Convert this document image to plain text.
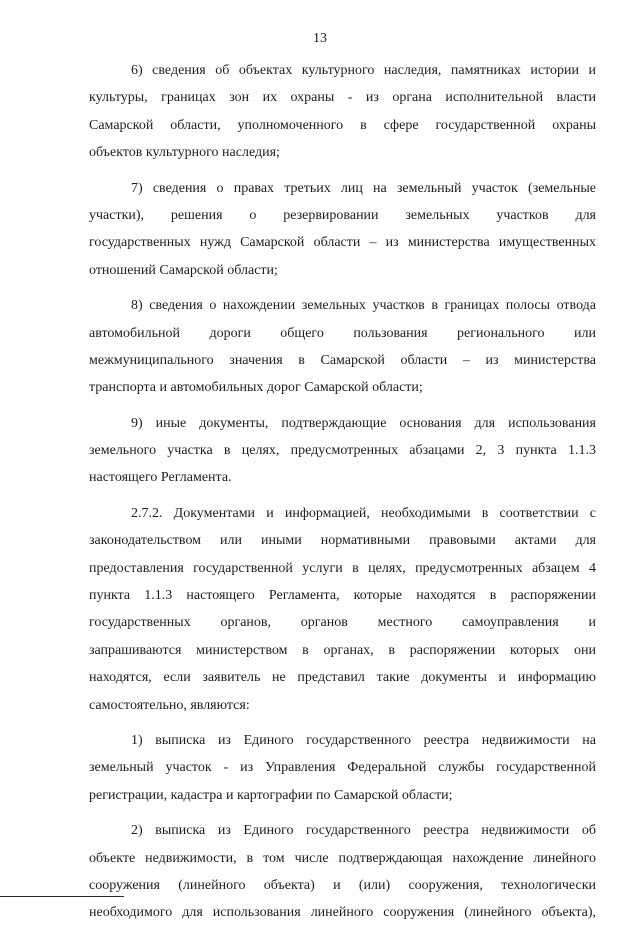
13
6) сведения об объектах культурного наследия, памятниках истории и
культуры, границах зон их охраны - из органа исполнительной власти
Самарской области, уполномоченного в сфере государственной охраны
объектов культурного наследия;
7) сведения о правах третьих лиц на земельный участок (земельные
участки), решения о резервировании земельных участков для
государственных нужд Самарской области – из министерства имущественных
отношений Самарской области;
8) сведения о нахождении земельных участков в границах полосы отвода
автомобильной дороги общего пользования регионального или
межмуниципального значения в Самарской области – из министерства
транспорта и автомобильных дорог Самарской области;
9) иные документы, подтверждающие основания для использования
земельного участка в целях, предусмотренных абзацами 2, 3 пункта 1.1.3
настоящего Регламента.
2.7.2. Документами и информацией, необходимыми в соответствии с
законодательством или иными нормативными правовыми актами для
предоставления государственной услуги в целях, предусмотренных абзацем 4
пункта 1.1.3 настоящего Регламента, которые находятся в распоряжении
государственных органов, органов местного самоуправления и
запрашиваются министерством в органах, в распоряжении которых они
находятся, если заявитель не представил такие документы и информацию
самостоятельно, являются:
1) выписка из Единого государственного реестра недвижимости на
земельный участок - из Управления Федеральной службы государственной
регистрации, кадастра и картографии по Самарской области;
2) выписка из Единого государственного реестра недвижимости об
объекте недвижимости, в том числе подтверждающая нахождение линейного
сооружения (линейного объекта) и (или) сооружения, технологически
необходимого для использования линейного сооружения (линейного объекта),
